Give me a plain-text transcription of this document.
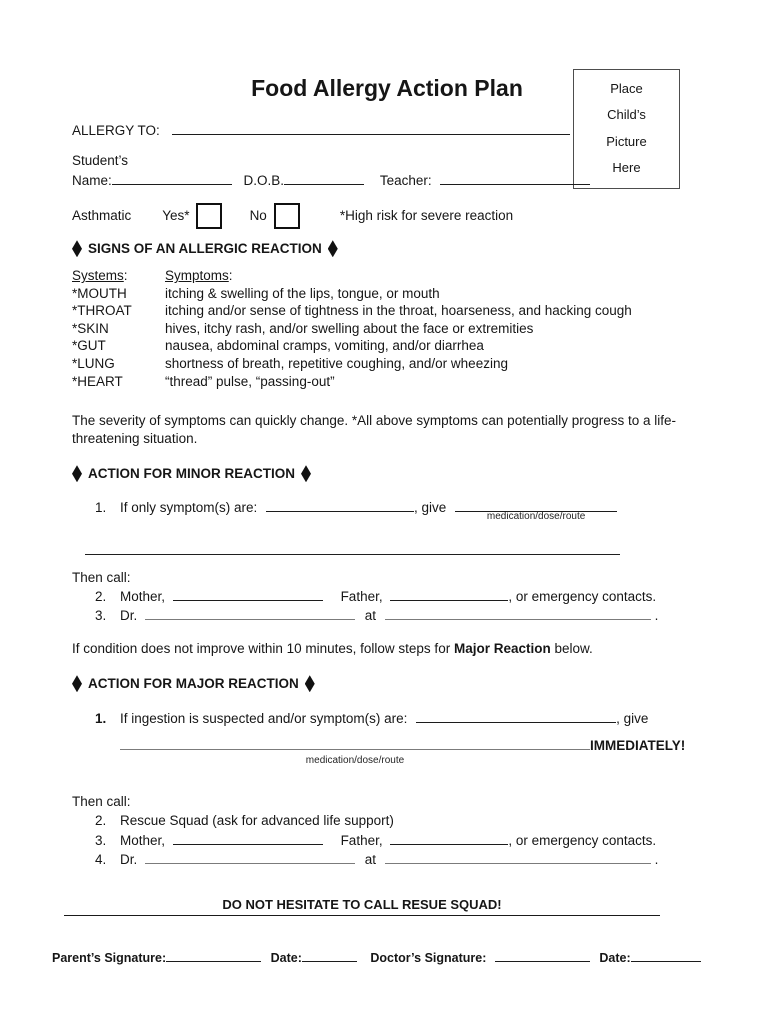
Food Allergy Action Plan	Place
Child’s
Picture
Here
ALLERGY TO:
Student’s
Name:	D.O.B.	Teacher:
Asthmatic Yes*	No	*High risk for severe reaction
SIGNS OF AN ALLERGIC REACTION
Systems:	Symptoms:
*MOUTH	itching & swelling of the lips, tongue, or mouth
*THROAT	itching and/or sense of tightness in the throat, hoarseness, and hacking cough
*SKIN	hives, itchy rash, and/or swelling about the face or extremities
*GUT	nausea, abdominal cramps, vomiting, and/or diarrhea
*LUNG	shortness of breath, repetitive coughing, and/or wheezing
*HEART	“thread” pulse, “passing-out”
The severity of symptoms can quickly change. *All above symptoms can potentially progress to a life-threatening situation.
ACTION FOR MINOR REACTION
1. If only symptom(s) are:	, give
medication/dose/route
Then call:
2. Mother,	Father,	, or emergency contacts.
3. Dr.	at	.
If condition does not improve within 10 minutes, follow steps for Major Reaction below.
ACTION FOR MAJOR REACTION
1. If ingestion is suspected and/or symptom(s) are:	, give
medication/dose/route
IMMEDIATELY!
Then call:
2. Rescue Squad (ask for advanced life support)
3. Mother,	Father,	, or emergency contacts.
4. Dr.	at	.
DO NOT HESITATE TO CALL RESUE SQUAD!
Parent’s Signature:	Date:	Doctor’s Signature:	Date:
